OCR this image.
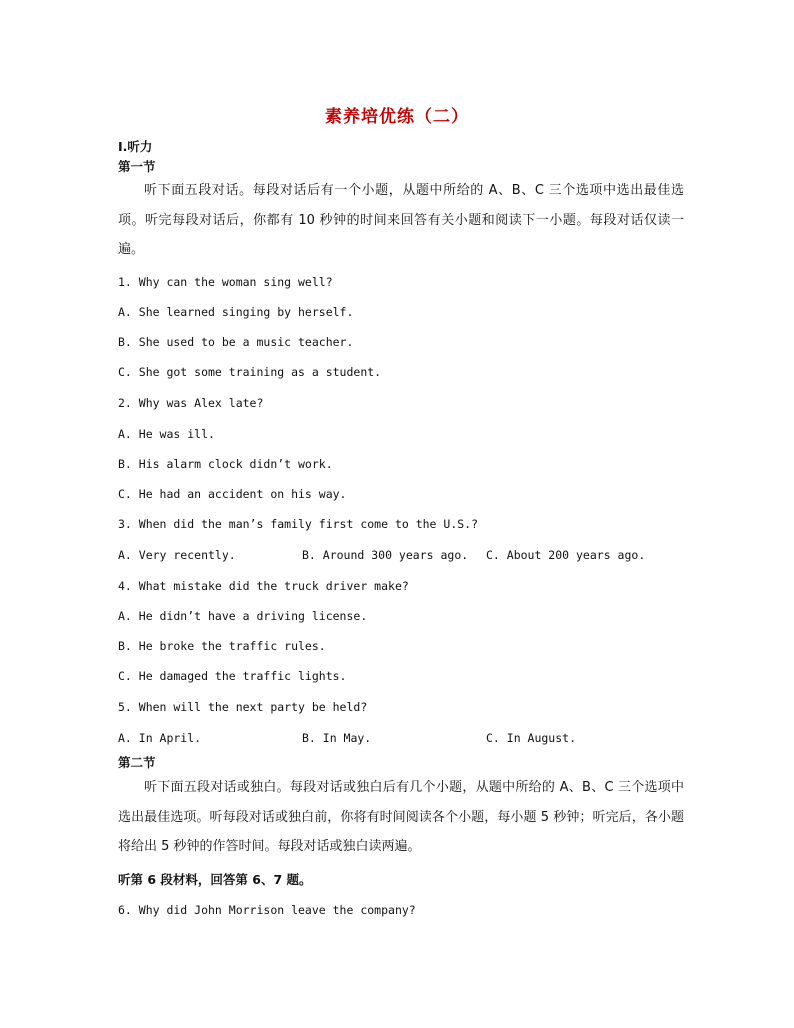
素养培优练（二）
Ⅰ.听力
第一节
听下面五段对话。每段对话后有一个小题，从题中所给的 A、B、C 三个选项中选出最佳选项。听完每段对话后，你都有 10 秒钟的时间来回答有关小题和阅读下一小题。每段对话仅读一遍。
1. Why can the woman sing well?
A. She learned singing by herself.
B. She used to be a music teacher.
C. She got some training as a student.
2. Why was Alex late?
A. He was ill.
B. His alarm clock didn’t work.
C. He had an accident on his way.
3. When did the man’s family first come to the U.S.?
A. Very recently.	B. Around 300 years ago. C. About 200 years ago.
4. What mistake did the truck driver make?
A. He didn’t have a driving license.
B. He broke the traffic rules.
C. He damaged the traffic lights.
5. When will the next party be held?
A. In April.	B. In May.	C. In August.
第二节
听下面五段对话或独白。每段对话或独白后有几个小题，从题中所给的 A、B、C 三个选项中选出最佳选项。听每段对话或独白前，你将有时间阅读各个小题，每小题 5 秒钟；听完后，各小题将给出 5 秒钟的作答时间。每段对话或独白读两遍。
听第 6 段材料，回答第 6、7 题。
6. Why did John Morrison leave the company?
